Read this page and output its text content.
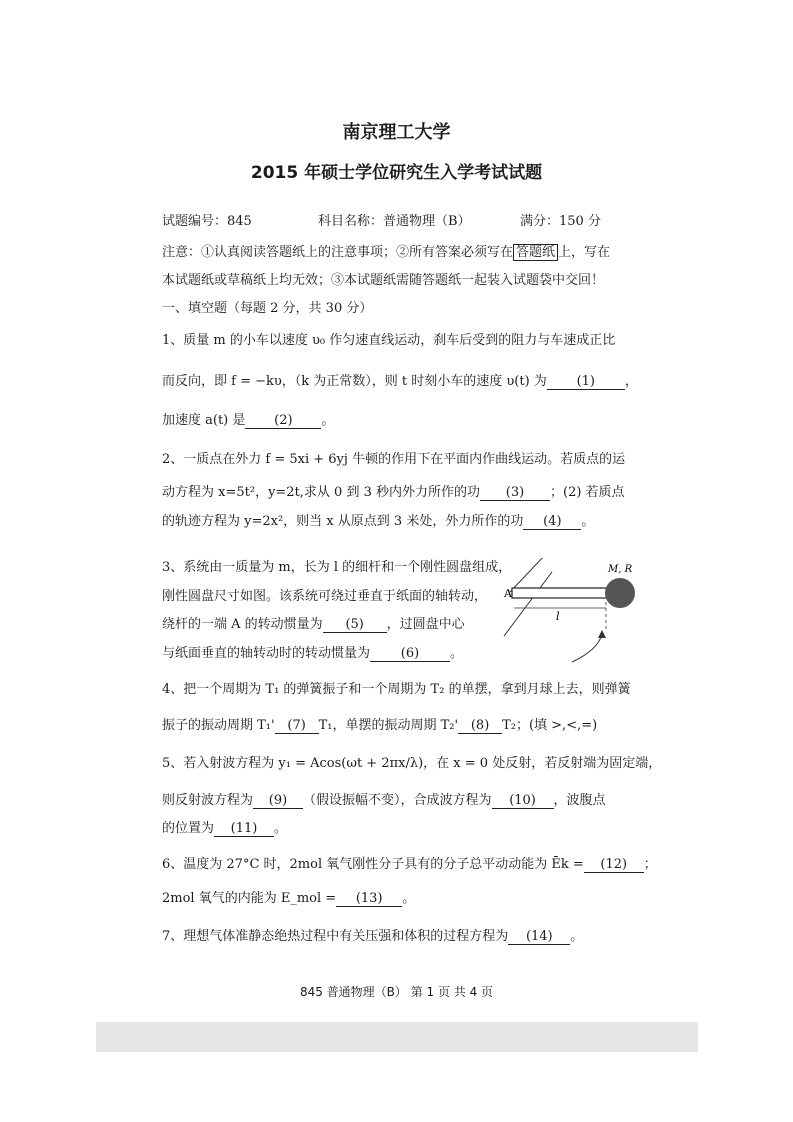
南京理工大学
2015 年硕士学位研究生入学考试试题
试题编号：845	科目名称：普通物理（B）	满分：150 分
注意：①认真阅读答题纸上的注意事项；②所有答案必须写在 答题纸 上，写在
本试题纸或草稿纸上均无效；③本试题纸需随答题纸一起装入试题袋中交回！
一、填空题（每题 2 分，共 30 分）
1、质量 m 的小车以速度 υ₀ 作匀速直线运动，刹车后受到的阻力与车速成正比
而反向，即 f = −kυ，（k 为正常数），则 t 时刻小车的速度 υ(t) 为 (1) ，
加速度 a(t) 是 (2) 。
2、一质点在外力 f = 5xi + 6yj 牛顿的作用下在平面内作曲线运动。若质点的运
动方程为 x=5t²，y=2t,求从 0 到 3 秒内外力所作的功 (3) ；(2) 若质点
的轨迹方程为 y=2x²，则当 x 从原点到 3 米处，外力所作的功 (4) 。
3、系统由一质量为 m，长为 l 的细杆和一个刚性圆盘组成，
刚性圆盘尺寸如图。该系统可绕过垂直于纸面的轴转动，
绕杆的一端 A 的转动惯量为 (5) ，过圆盘中心
与纸面垂直的轴转动时的转动惯量为 (6) 。
M, R
A
l
4、把一个周期为 T₁ 的弹簧振子和一个周期为 T₂ 的单摆，拿到月球上去，则弹簧
振子的振动周期 T₁' (7) T₁，单摆的振动周期 T₂' (8) T₂；(填 >,<,=)
5、若入射波方程为 y₁ = Acos(ωt + 2πx/λ)，在 x = 0 处反射，若反射端为固定端，
则反射波方程为 (9) （假设振幅不变），合成波方程为 (10) ，波腹点
的位置为 (11) 。
6、温度为 27°C 时，2mol 氧气刚性分子具有的分子总平动动能为 Ēk = (12) ；
2mol 氧气的内能为 E_mol = (13) 。
7、理想气体准静态绝热过程中有关压强和体积的过程方程为 (14) 。
845 普通物理（B） 第 1 页 共 4 页
